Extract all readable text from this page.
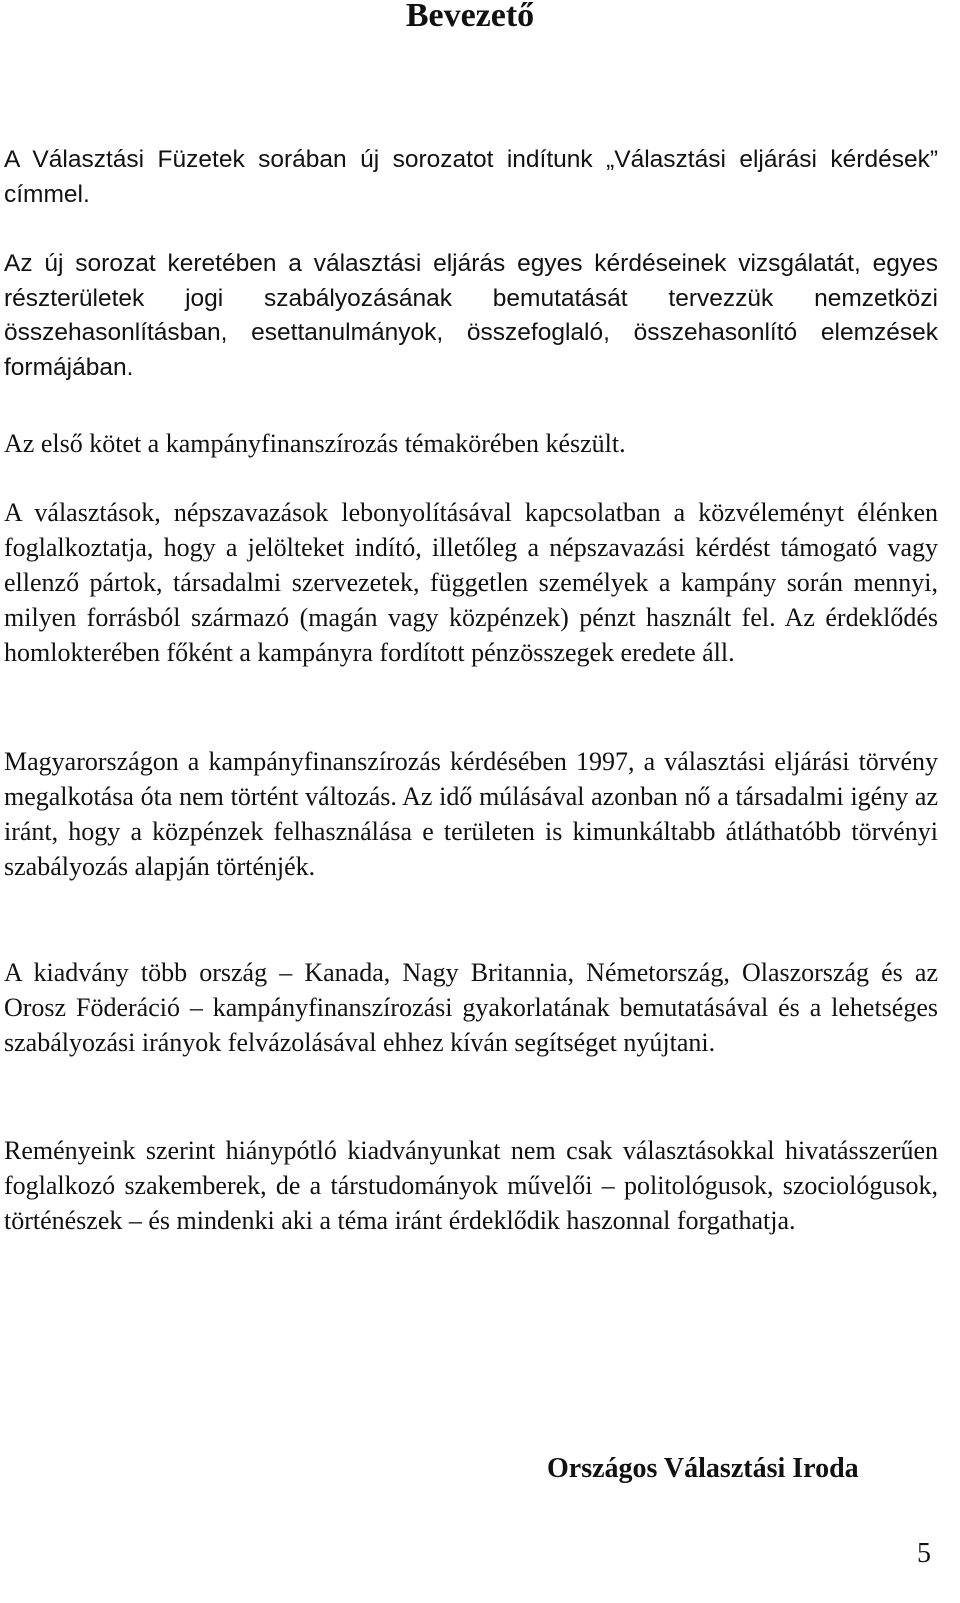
Bevezető

A Választási Füzetek sorában új sorozatot indítunk „Választási eljárási kérdések” címmel.

Az új sorozat keretében a választási eljárás egyes kérdéseinek vizsgálatát, egyes részterületek jogi szabályozásának bemutatását tervezzük nemzetközi összehasonlításban, esettanulmányok, összefoglaló, összehasonlító elemzések formájában.

Az első kötet a kampányfinanszírozás témakörében készült.

A választások, népszavazások lebonyolításával kapcsolatban a közvéleményt élénken foglalkoztatja, hogy a jelölteket indító, illetőleg a népszavazási kérdést támogató vagy ellenző pártok, társadalmi szervezetek, független személyek a kampány során mennyi, milyen forrásból származó (magán vagy közpénzek) pénzt használt fel. Az érdeklődés homlokterében főként a kampányra fordított pénzösszegek eredete áll.

Magyarországon a kampányfinanszírozás kérdésében 1997, a választási eljárási törvény megalkotása óta nem történt változás. Az idő múlásával azonban nő a társadalmi igény az iránt, hogy a közpénzek felhasználása e területen is kimunkáltabb átláthatóbb törvényi szabályozás alapján történjék.

A kiadvány több ország – Kanada, Nagy Britannia, Németország, Olaszország és az Orosz Föderáció – kampányfinanszírozási gyakorlatának bemutatásával és a lehetséges szabályozási irányok felvázolásával ehhez kíván segítséget nyújtani.

Reményeink szerint hiánypótló kiadványunkat nem csak választásokkal hivatásszerűen foglalkozó szakemberek, de a társtudományok művelői – politológusok, szociológusok, történészek – és mindenki aki a téma iránt érdeklődik haszonnal forgathatja.

Országos Választási Iroda

5
